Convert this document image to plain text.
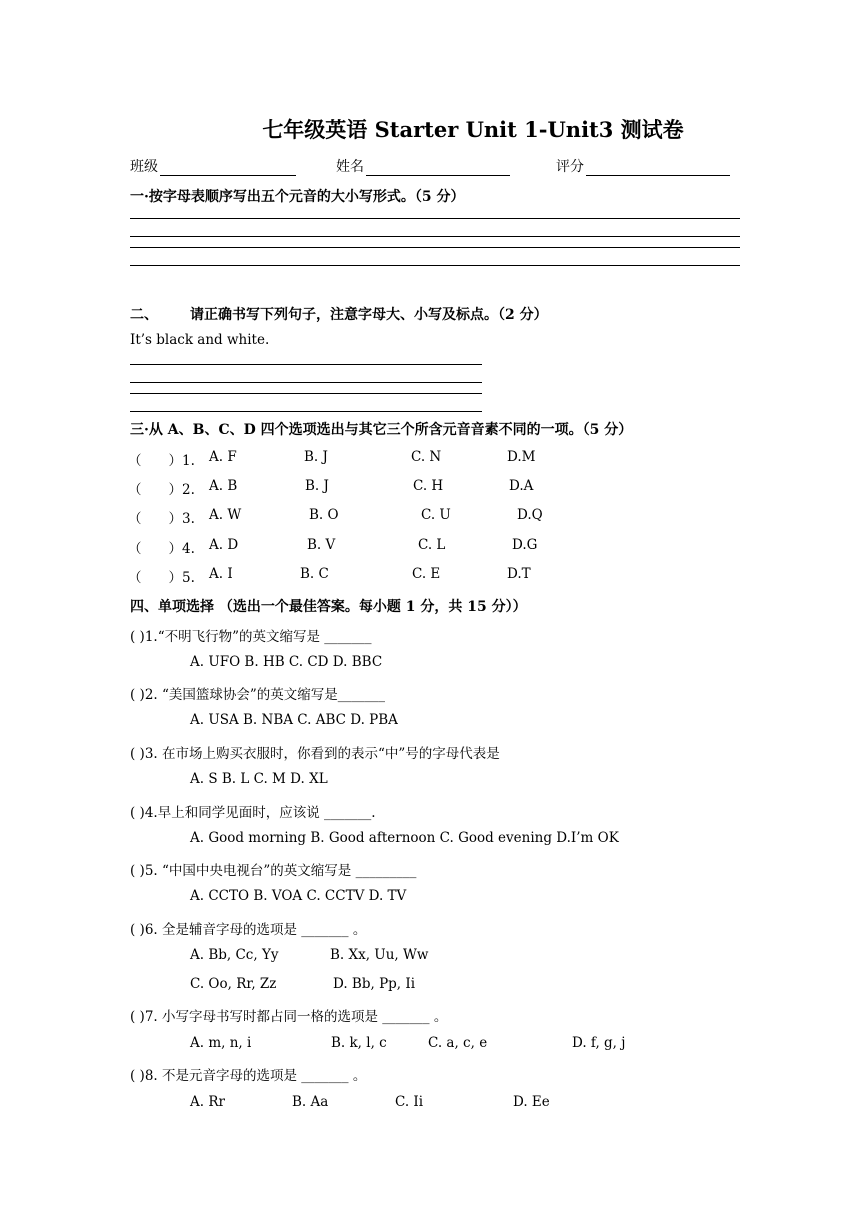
七年级英语 Starter Unit 1-Unit3 测试卷
班级	姓名	评分
一·按字母表顺序写出五个元音的大小写形式。（5 分）
二、 请正确书写下列句子，注意字母大、小写及标点。（2 分）
It’s black and white.
三·从 A、B、C、D 四个选项选出与其它三个所含元音音素不同的一项。（5 分）
（　　）1. A. F	B. J	C. N	D.M
（　　）2. A. B	B. J	C. H	D.A
（　　）3. A. W	B. O	C. U	D.Q
（　　）4. A. D	B. V	C. L	D.G
（　　）5. A. I	B. C	C. E	D.T
四、单项选择 （选出一个最佳答案。每小题 1 分，共 15 分））
( )1.“不明飞行物”的英文缩写是 _______
A. UFO B. HB C. CD D. BBC
( )2. “美国篮球协会”的英文缩写是_______
A. USA B. NBA C. ABC D. PBA
( )3. 在市场上购买衣服时，你看到的表示“中”号的字母代表是
A. S B. L C. M D. XL
( )4.早上和同学见面时，应该说 _______.
A. Good morning B. Good afternoon C. Good evening D.I’m OK
( )5. “中国中央电视台”的英文缩写是 _________
A. CCTO B. VOA C. CCTV D. TV
( )6. 全是辅音字母的选项是 _______ 。
A. Bb, Cc, Yy	B. Xx, Uu, Ww
C. Oo, Rr, Zz	D. Bb, Pp, Ii
( )7. 小写字母书写时都占同一格的选项是 _______ 。
A. m, n, i	B. k, l, c	C. a, c, e	D. f, g, j
( )8. 不是元音字母的选项是 _______ 。
A. Rr	B. Aa	C. Ii	D. Ee
